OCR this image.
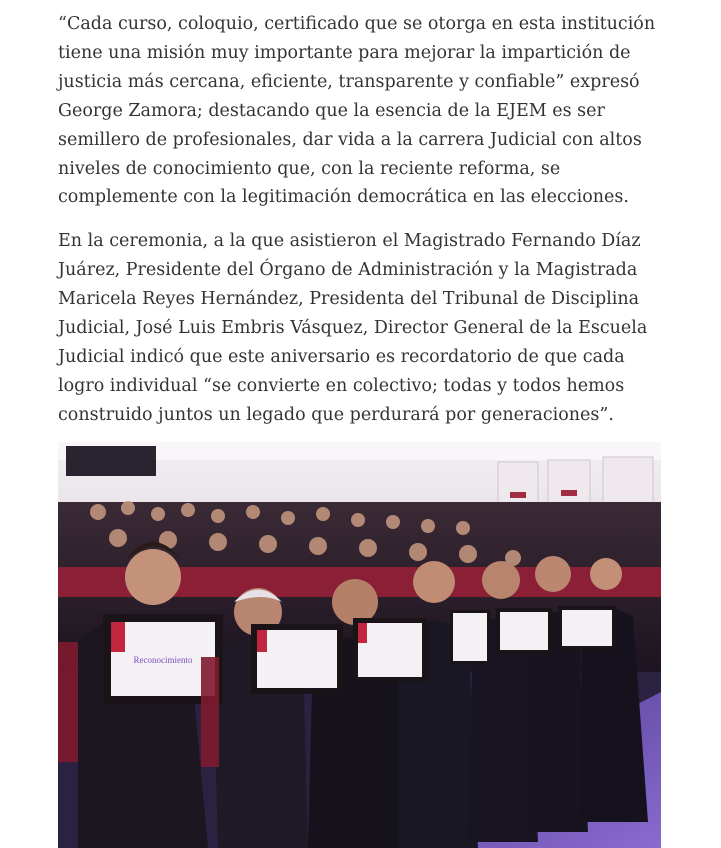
“Cada curso, coloquio, certificado que se otorga en esta institución tiene una misión muy importante para mejorar la impartición de justicia más cercana, eficiente, transparente y confiable” expresó George Zamora; destacando que la esencia de la EJEM es ser semillero de profesionales, dar vida a la carrera Judicial con altos niveles de conocimiento que, con la reciente reforma, se complemente con la legitimación democrática en las elecciones.

En la ceremonia, a la que asistieron el Magistrado Fernando Díaz Juárez, Presidente del Órgano de Administración y la Magistrada Maricela Reyes Hernández, Presidenta del Tribunal de Disciplina Judicial, José Luis Embris Vásquez, Director General de la Escuela Judicial indicó que este aniversario es recordatorio de que cada logro individual “se convierte en colectivo; todas y todos hemos construido juntos un legado que perdurará por generaciones”.

Reconocimiento
